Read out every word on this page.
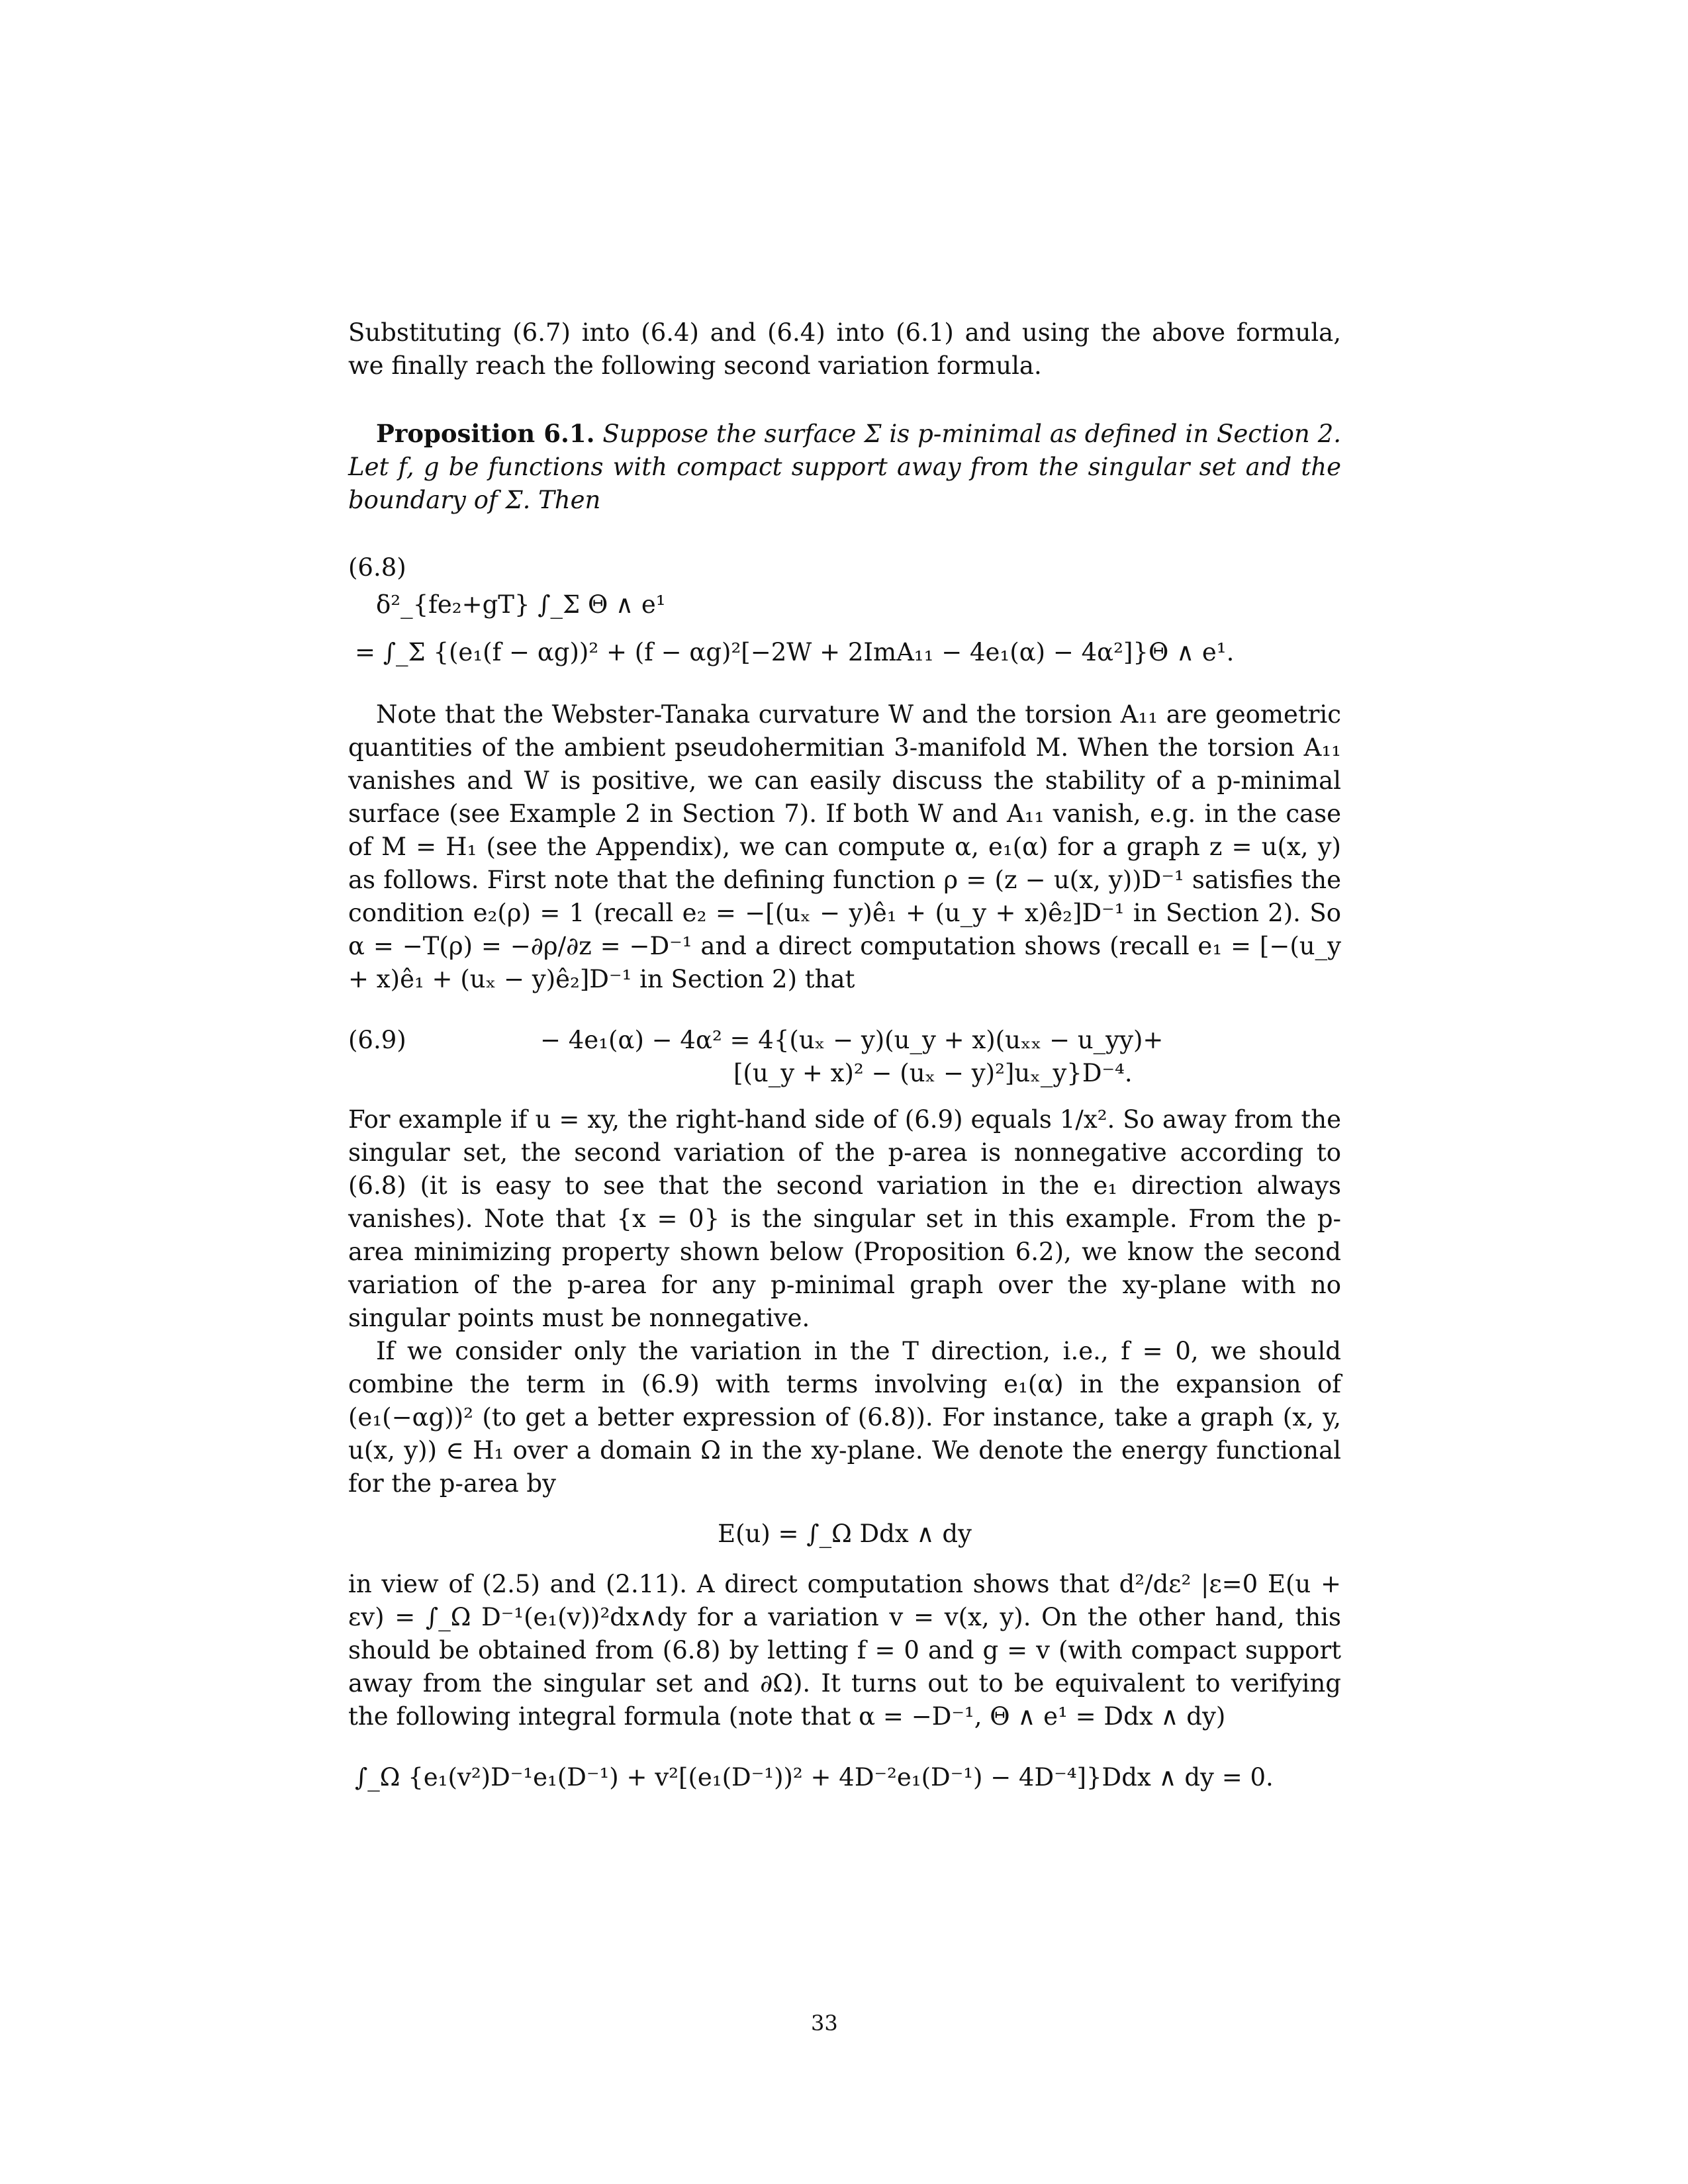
Substituting (6.7) into (6.4) and (6.4) into (6.1) and using the above formula, we finally reach the following second variation formula.

Proposition 6.1. Suppose the surface Σ is p-minimal as defined in Section 2. Let f, g be functions with compact support away from the singular set and the boundary of Σ. Then

(6.8)
δ²_{fe₂+gT} ∫_Σ Θ ∧ e¹
= ∫_Σ {(e₁(f − αg))² + (f − αg)²[−2W + 2ImA₁₁ − 4e₁(α) − 4α²]}Θ ∧ e¹.

Note that the Webster-Tanaka curvature W and the torsion A₁₁ are geometric quantities of the ambient pseudohermitian 3-manifold M. When the torsion A₁₁ vanishes and W is positive, we can easily discuss the stability of a p-minimal surface (see Example 2 in Section 7). If both W and A₁₁ vanish, e.g. in the case of M = H₁ (see the Appendix), we can compute α, e₁(α) for a graph z = u(x, y) as follows. First note that the defining function ρ = (z − u(x, y))D⁻¹ satisfies the condition e₂(ρ) = 1 (recall e₂ = −[(uₓ − y)ê₁ + (u_y + x)ê₂]D⁻¹ in Section 2). So α = −T(ρ) = −∂ρ/∂z = −D⁻¹ and a direct computation shows (recall e₁ = [−(u_y + x)ê₁ + (uₓ − y)ê₂]D⁻¹ in Section 2) that

(6.9)	− 4e₁(α) − 4α² = 4{(uₓ − y)(u_y + x)(uₓₓ − u_yy)+
[(u_y + x)² − (uₓ − y)²]uₓ_y}D⁻⁴.

For example if u = xy, the right-hand side of (6.9) equals 1/x². So away from the singular set, the second variation of the p-area is nonnegative according to (6.8) (it is easy to see that the second variation in the e₁ direction always vanishes). Note that {x = 0} is the singular set in this example. From the p-area minimizing property shown below (Proposition 6.2), we know the second variation of the p-area for any p-minimal graph over the xy-plane with no singular points must be nonnegative.

If we consider only the variation in the T direction, i.e., f = 0, we should combine the term in (6.9) with terms involving e₁(α) in the expansion of (e₁(−αg))² (to get a better expression of (6.8)). For instance, take a graph (x, y, u(x, y)) ∈ H₁ over a domain Ω in the xy-plane. We denote the energy functional for the p-area by

E(u) = ∫_Ω Ddx ∧ dy

in view of (2.5) and (2.11). A direct computation shows that d²/dε² |ε=0 E(u + εv) = ∫_Ω D⁻¹(e₁(v))²dx∧dy for a variation v = v(x, y). On the other hand, this should be obtained from (6.8) by letting f = 0 and g = v (with compact support away from the singular set and ∂Ω). It turns out to be equivalent to verifying the following integral formula (note that α = −D⁻¹, Θ ∧ e¹ = Ddx ∧ dy)

∫_Ω {e₁(v²)D⁻¹e₁(D⁻¹) + v²[(e₁(D⁻¹))² + 4D⁻²e₁(D⁻¹) − 4D⁻⁴]}Ddx ∧ dy = 0.
33
